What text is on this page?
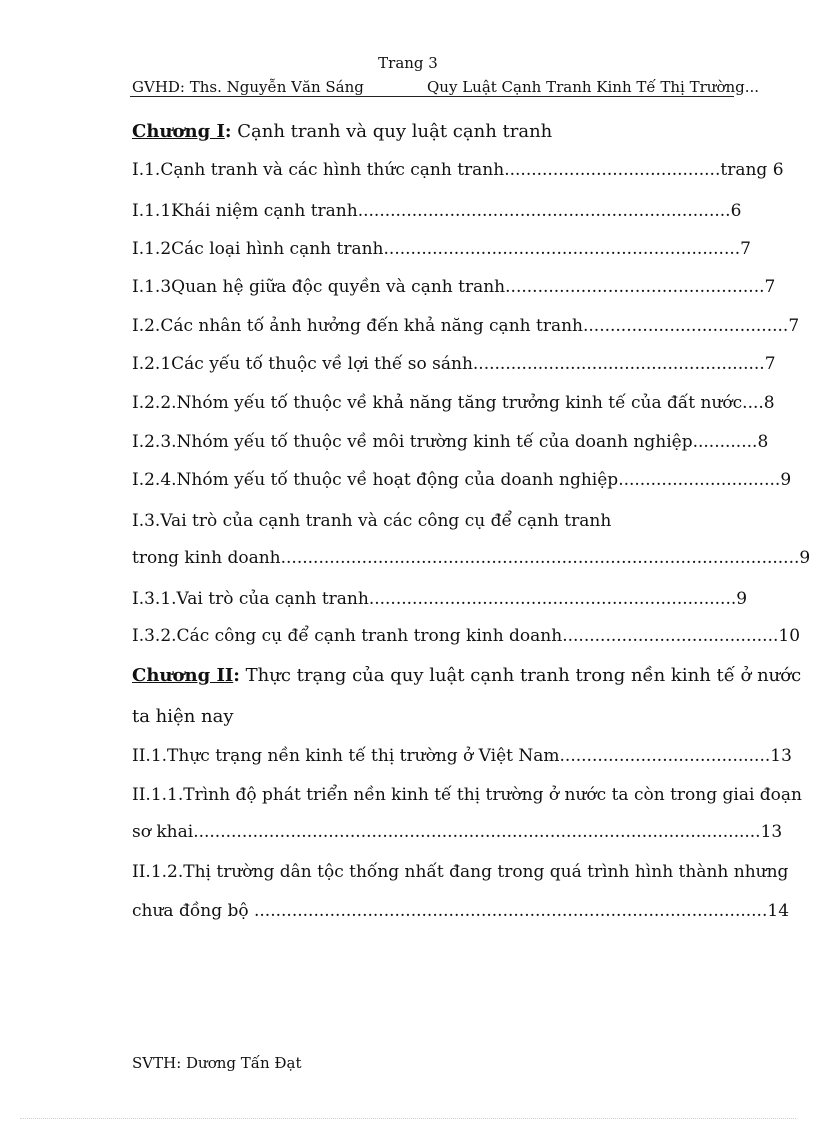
Trang 3
GVHD: Ths. Nguyễn Văn Sáng	Quy Luật Cạnh Tranh Kinh Tế Thị Trường...
Chương I: Cạnh tranh và quy luật cạnh tranh
I.1.Cạnh tranh và các hình thức cạnh tranh........................................trang 6
I.1.1Khái niệm cạnh tranh.....................................................................6
I.1.2Các loại hình cạnh tranh..................................................................7
I.1.3Quan hệ giữa độc quyền và cạnh tranh................................................7
I.2.Các nhân tố ảnh hưởng đến khả năng cạnh tranh......................................7
I.2.1Các yếu tố thuộc về lợi thế so sánh......................................................7
I.2.2.Nhóm yếu tố thuộc về khả năng tăng trưởng kinh tế của đất nước....8
I.2.3.Nhóm yếu tố thuộc về môi trường kinh tế của doanh nghiệp............8
I.2.4.Nhóm yếu tố thuộc về hoạt động của doanh nghiệp..............................9
I.3.Vai trò của cạnh tranh và các công cụ để cạnh tranh
trong kinh doanh................................................................................................9
I.3.1.Vai trò của cạnh tranh....................................................................9
I.3.2.Các công cụ để cạnh tranh trong kinh doanh........................................10
Chương II: Thực trạng của quy luật cạnh tranh trong nền kinh tế ở nước
ta hiện nay
II.1.Thực trạng nền kinh tế thị trường ở Việt Nam.......................................13
II.1.1.Trình độ phát triển nền kinh tế thị trường ở nước ta còn trong giai đoạn
sơ khai.........................................................................................................13
II.1.2.Thị trường dân tộc thống nhất đang trong quá trình hình thành nhưng
chưa đồng bộ ...............................................................................................14
SVTH: Dương Tấn Đạt
